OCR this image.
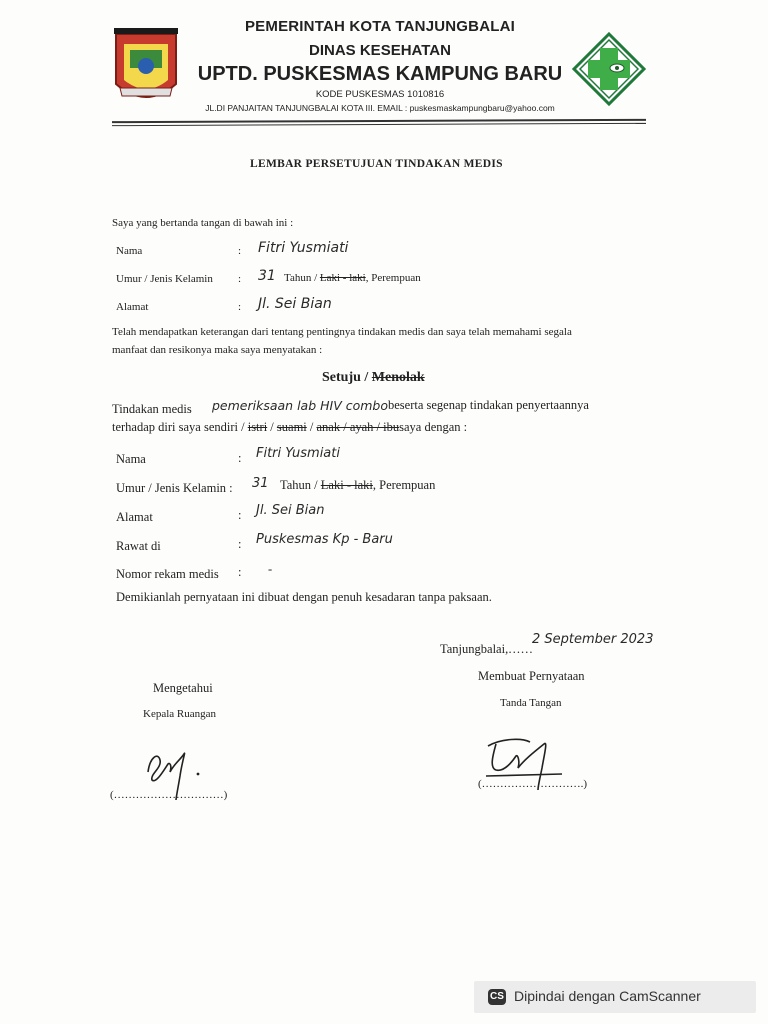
PEMERINTAH KOTA TANJUNGBALAI
DINAS KESEHATAN
UPTD. PUSKESMAS KAMPUNG BARU
KODE PUSKESMAS 1010816
JL.DI PANJAITAN TANJUNGBALAI KOTA III. EMAIL : puskesmaskampungbaru@yahoo.com
LEMBAR PERSETUJUAN TINDAKAN MEDIS
Saya yang bertanda tangan di bawah ini :
Nama	: Fitri Yusmiati
Umur / Jenis Kelamin : 31 Tahun / Laki - laki, Perempuan
Alamat	: Jl. Sei Bian
Telah mendapatkan keterangan dari tentang pentingnya tindakan medis dan saya telah memahami segala
manfaat dan resikonya maka saya menyatakan :
Setuju / Menolak
Tindakan medis pemeriksaan lab HIV combo beserta segenap tindakan penyertaannya
terhadap diri saya sendiri / istri / suami / anak / ayah / ibusaya dengan :
Nama	: Fitri Yusmiati
Umur / Jenis Kelamin : 31 Tahun / Laki - laki, Perempuan
Alamat	: Jl. Sei Bian
Rawat di	: Puskesmas Kp - Baru
Nomor rekam medis : -
Demikianlah pernyataan ini dibuat dengan penuh kesadaran tanpa paksaan.
Tanjungbalai, ……
2 September 2023
Mengetahui
Kepala Ruangan
(…………………………)
Membuat Pernyataan
Tanda Tangan
(……………………….)
CS Dipindai dengan CamScanner
